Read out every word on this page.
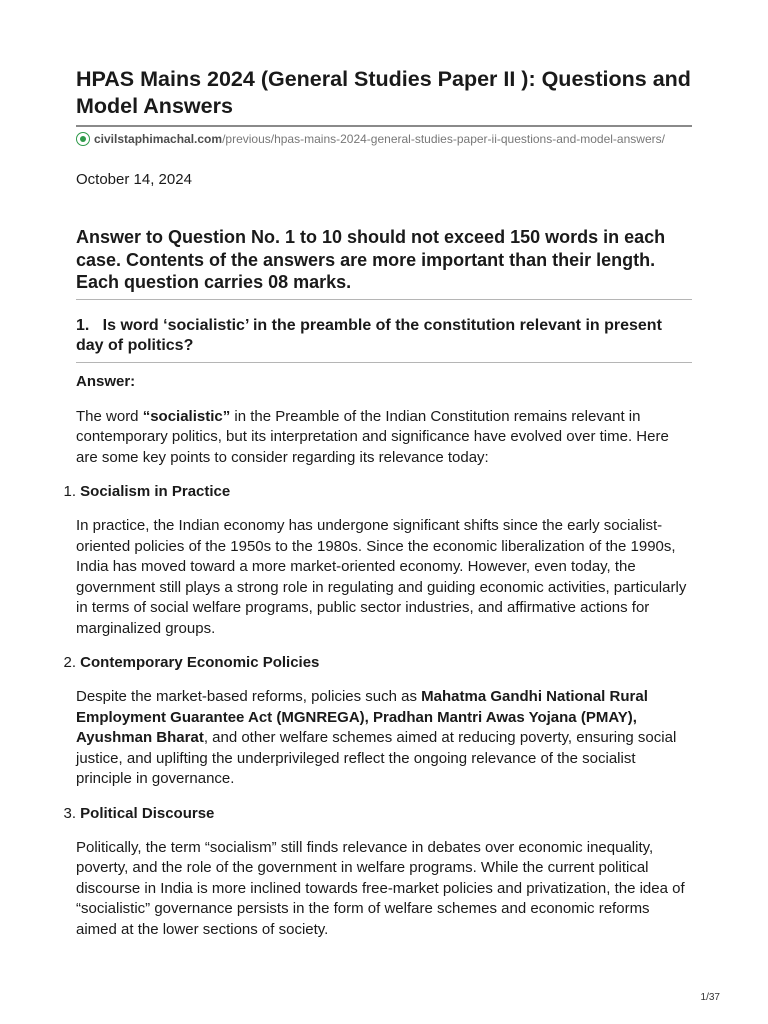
HPAS Mains 2024 (General Studies Paper II ): Questions and Model Answers
civilstaphimachal.com /previous/hpas-mains-2024-general-studies-paper-ii-questions-and-model-answers/
October 14, 2024

Answer to Question No. 1 to 10 should not exceed 150 words in each case. Contents of the answers are more important than their length. Each question carries 08 marks.

1.   Is word ‘socialistic’ in the preamble of the constitution relevant in present day of politics?

Answer:

The word “socialistic” in the Preamble of the Indian Constitution remains relevant in contemporary politics, but its interpretation and significance have evolved over time. Here are some key points to consider regarding its relevance today:

1. Socialism in Practice

In practice, the Indian economy has undergone significant shifts since the early socialist-oriented policies of the 1950s to the 1980s. Since the economic liberalization of the 1990s, India has moved toward a more market-oriented economy. However, even today, the government still plays a strong role in regulating and guiding economic activities, particularly in terms of social welfare programs, public sector industries, and affirmative actions for marginalized groups.

2. Contemporary Economic Policies

Despite the market-based reforms, policies such as Mahatma Gandhi National Rural Employment Guarantee Act (MGNREGA), Pradhan Mantri Awas Yojana (PMAY), Ayushman Bharat, and other welfare schemes aimed at reducing poverty, ensuring social justice, and uplifting the underprivileged reflect the ongoing relevance of the socialist principle in governance.

3. Political Discourse

Politically, the term “socialism” still finds relevance in debates over economic inequality, poverty, and the role of the government in welfare programs. While the current political discourse in India is more inclined towards free-market policies and privatization, the idea of “socialistic” governance persists in the form of welfare schemes and economic reforms aimed at the lower sections of society.

1/37
